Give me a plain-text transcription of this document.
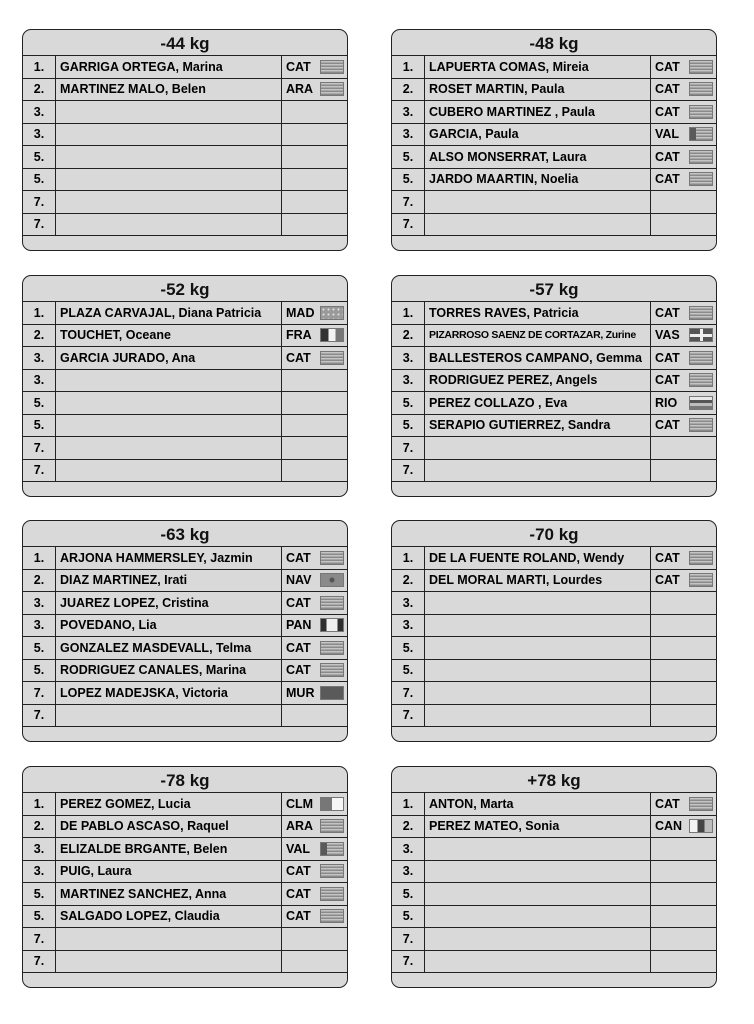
-44 kg
1.	GARRIGA ORTEGA, Marina	CAT
2.	MARTINEZ MALO, Belen	ARA
3.
3.
5.
5.
7.
7.
-48 kg
1.	LAPUERTA COMAS, Mireia	CAT
2.	ROSET MARTIN, Paula	CAT
3.	CUBERO MARTINEZ , Paula	CAT
3.	GARCIA, Paula	VAL
5.	ALSO MONSERRAT, Laura	CAT
5.	JARDO MAARTIN, Noelia	CAT
7.
7.
-52 kg
1.	PLAZA CARVAJAL, Diana Patricia	MAD
2.	TOUCHET, Oceane	FRA
3.	GARCIA JURADO, Ana	CAT
3.
5.
5.
7.
7.
-57 kg
1.	TORRES RAVES, Patricia	CAT
2.	PIZARROSO SAENZ DE CORTAZAR, Zurine	VAS
3.	BALLESTEROS CAMPANO, Gemma	CAT
3.	RODRIGUEZ PEREZ, Angels	CAT
5.	PEREZ COLLAZO , Eva	RIO
5.	SERAPIO GUTIERREZ, Sandra	CAT
7.
7.
-63 kg
1.	ARJONA HAMMERSLEY, Jazmin	CAT
2.	DIAZ MARTINEZ, Irati	NAV
3.	JUAREZ LOPEZ, Cristina	CAT
3.	POVEDANO, Lia	PAN
5.	GONZALEZ MASDEVALL, Telma	CAT
5.	RODRIGUEZ CANALES, Marina	CAT
7.	LOPEZ MADEJSKA, Victoria	MUR
7.
-70 kg
1.	DE LA FUENTE ROLAND, Wendy	CAT
2.	DEL MORAL MARTI, Lourdes	CAT
3.
3.
5.
5.
7.
7.
-78 kg
1.	PEREZ GOMEZ, Lucia	CLM
2.	DE PABLO ASCASO, Raquel	ARA
3.	ELIZALDE BRGANTE, Belen	VAL
3.	PUIG, Laura	CAT
5.	MARTINEZ SANCHEZ, Anna	CAT
5.	SALGADO LOPEZ, Claudia	CAT
7.
7.
+78 kg
1.	ANTON, Marta	CAT
2.	PEREZ MATEO, Sonia	CAN
3.
3.
5.
5.
7.
7.
